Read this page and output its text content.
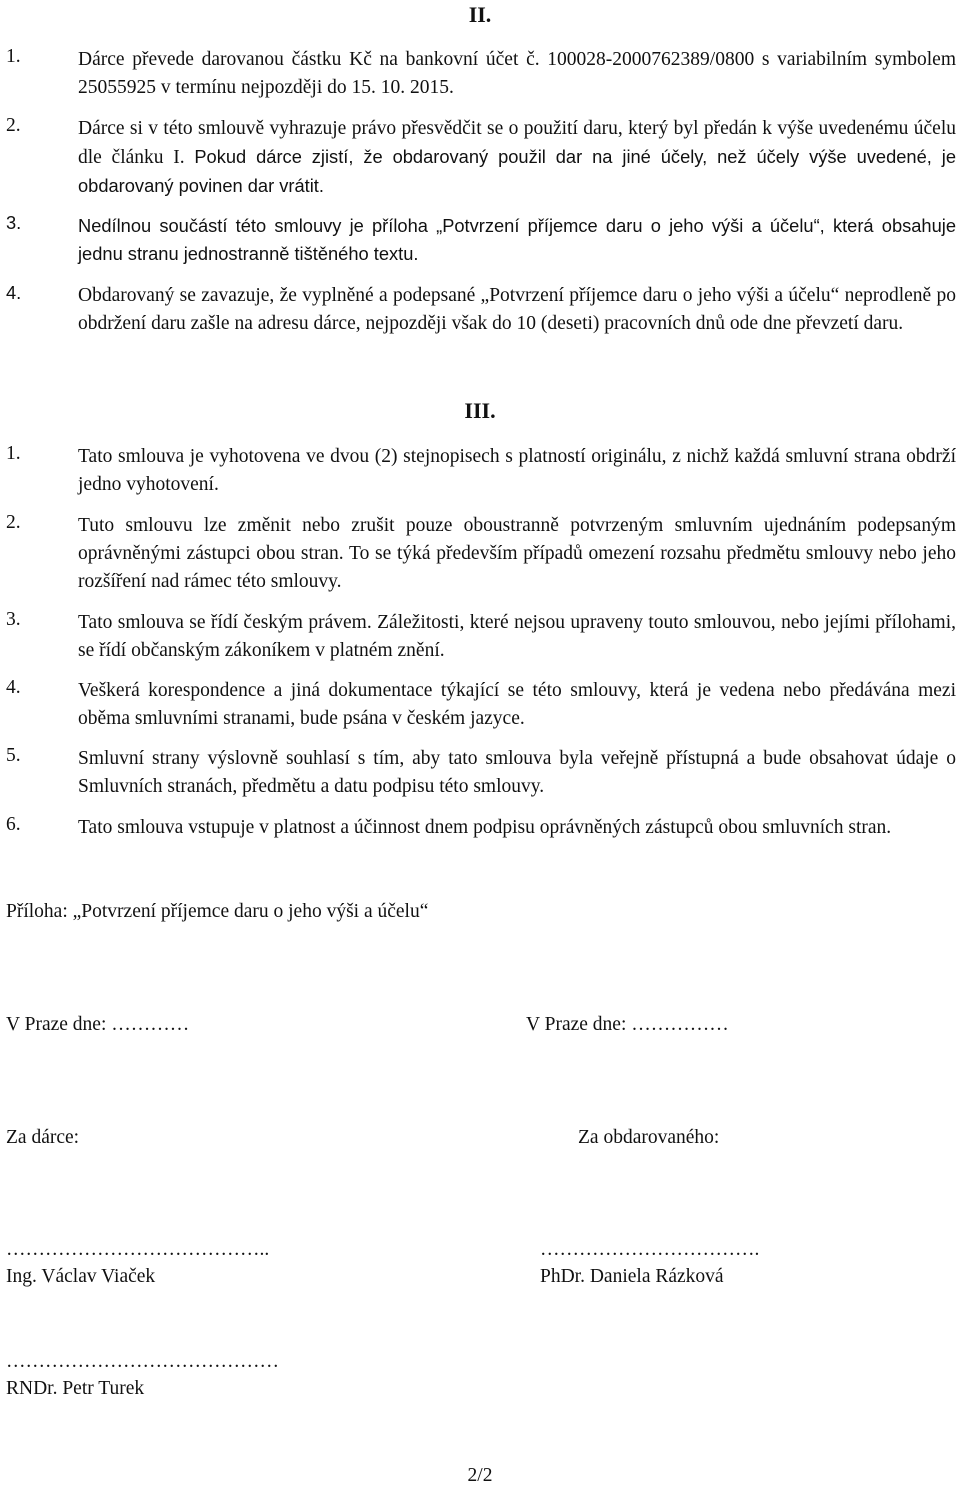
II.
1.	Dárce převede darovanou částku Kč na bankovní účet č. 100028-2000762389/0800 s variabilním symbolem 25055925 v termínu nejpozději do 15. 10. 2015.
2.	Dárce si v této smlouvě vyhrazuje právo přesvědčit se o použití daru, který byl předán k výše uvedenému účelu dle článku I. Pokud dárce zjistí, že obdarovaný použil dar na jiné účely, než účely výše uvedené, je obdarovaný povinen dar vrátit.
3.	Nedílnou součástí této smlouvy je příloha „Potvrzení příjemce daru o jeho výši a účelu“, která obsahuje jednu stranu jednostranně tištěného textu.
4.	Obdarovaný se zavazuje, že vyplněné a podepsané „Potvrzení příjemce daru o jeho výši a účelu“ neprodleně po obdržení daru zašle na adresu dárce, nejpozději však do 10 (deseti) pracovních dnů ode dne převzetí daru.
III.
1.	Tato smlouva je vyhotovena ve dvou (2) stejnopisech s platností originálu, z nichž každá smluvní strana obdrží jedno vyhotovení.
2.	Tuto smlouvu lze změnit nebo zrušit pouze oboustranně potvrzeným smluvním ujednáním podepsaným oprávněnými zástupci obou stran. To se týká především případů omezení rozsahu předmětu smlouvy nebo jeho rozšíření nad rámec této smlouvy.
3.	Tato smlouva se řídí českým právem. Záležitosti, které nejsou upraveny touto smlouvou, nebo jejími přílohami, se řídí občanským zákoníkem v platném znění.
4.	Veškerá korespondence a jiná dokumentace týkající se této smlouvy, která je vedena nebo předávána mezi oběma smluvními stranami, bude psána v českém jazyce.
5.	Smluvní strany výslovně souhlasí s tím, aby tato smlouva byla veřejně přístupná a bude obsahovat údaje o Smluvních stranách, předmětu a datu podpisu této smlouvy.
6.	Tato smlouva vstupuje v platnost a účinnost dnem podpisu oprávněných zástupců obou smluvních stran.
Příloha: „Potvrzení příjemce daru o jeho výši a účelu“
V Praze dne: …………	V Praze dne: ……………
Za dárce:	Za obdarovaného:
…………………………………..
Ing. Václav Viaček
…………………………….
PhDr. Daniela Rázková
……………………………………
RNDr. Petr Turek
2/2
